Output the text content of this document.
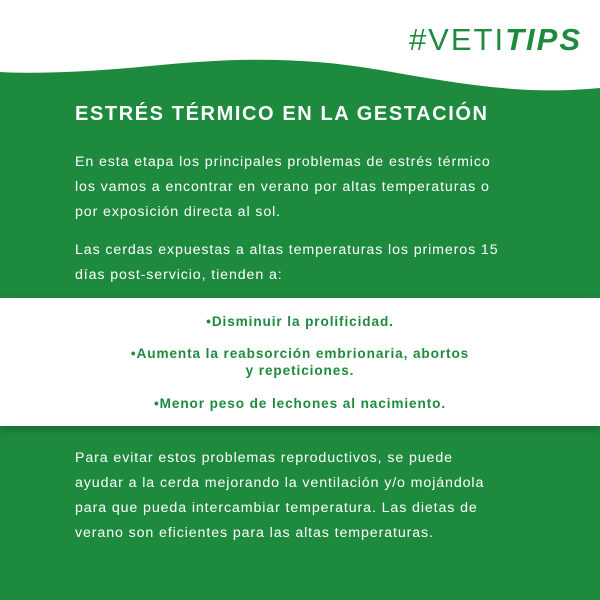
#VETITIPS
ESTRÉS TÉRMICO EN LA GESTACIÓN

En esta etapa los principales problemas de estrés térmico
los vamos a encontrar en verano por altas temperaturas o
por exposición directa al sol.

Las cerdas expuestas a altas temperaturas los primeros 15
días post-servicio, tienden a:

•Disminuir la prolificidad.

•Aumenta la reabsorción embrionaria, abortos
y repeticiones.

•Menor peso de lechones al nacimiento.

Para evitar estos problemas reproductivos, se puede
ayudar a la cerda mejorando la ventilación y/o mojándola
para que pueda intercambiar temperatura. Las dietas de
verano son eficientes para las altas temperaturas.
